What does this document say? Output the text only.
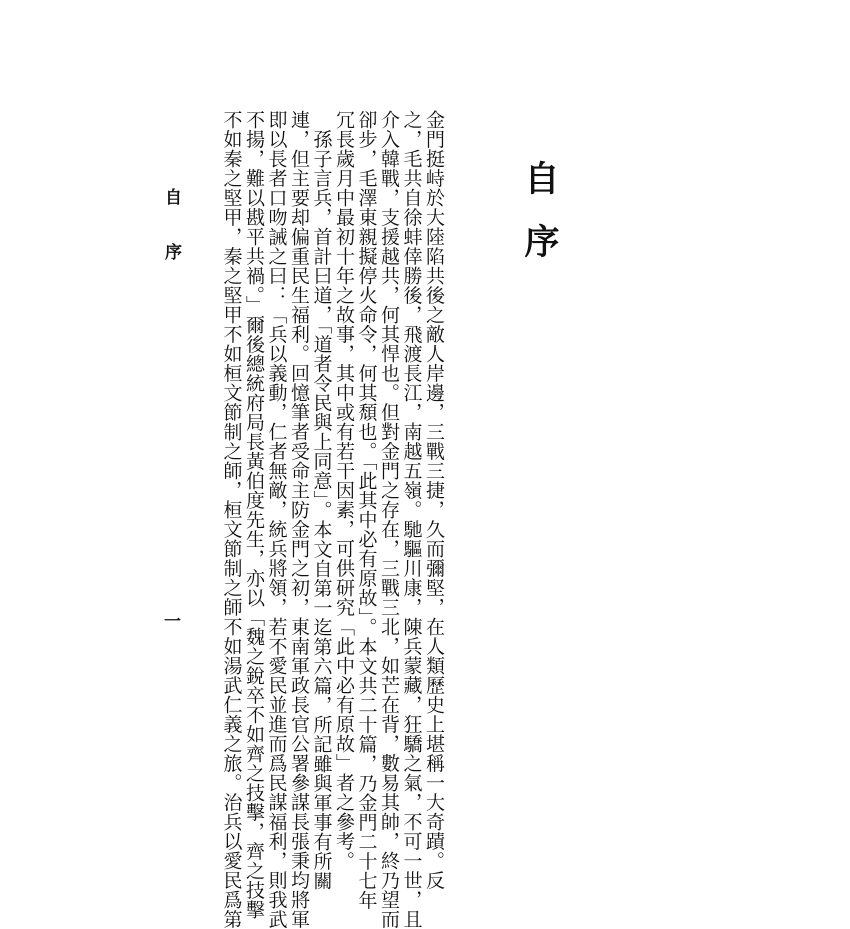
自序
金門挺峙於大陸陷共後之敵人岸邊，三戰三捷，久而彌堅，在人類歷史上堪稱一大奇蹟。反
之，毛共自徐蚌倖勝後，飛渡長江，南越五嶺。馳驅川康，陳兵蒙藏，狂驕之氣，不可一世，且
介入韓戰，支援越共，何其悍也。但對金門之存在，三戰三北，如芒在背，數易其帥，終乃望而
卻步，毛澤東親擬停火命令，何其頹也。「此其中必有原故」。本文共二十篇，乃金門二十七年
冗長歲月中最初十年之故事，其中或有若干因素，可供研究「此中必有原故」者之參考。
　孫子言兵，首計曰道，「道者令民與上同意」。本文自第一迄第六篇，所記雖與軍事有所關
連，但主要却偏重民生福利。回憶筆者受命主防金門之初，東南軍政長官公署參謀長張秉均將軍
即以長者口吻誡之曰：「兵以義動，仁者無敵，統兵將領，若不愛民並進而爲民謀福利，則我武
不揚，難以戡平共禍。」爾後總統府局長黃伯度先生，亦以「魏之銳卒不如齊之技擊，齊之技擊
不如秦之堅甲，秦之堅甲不如桓文節制之師，桓文節制之師不如湯武仁義之旅。治兵以愛民爲第
自序
一
